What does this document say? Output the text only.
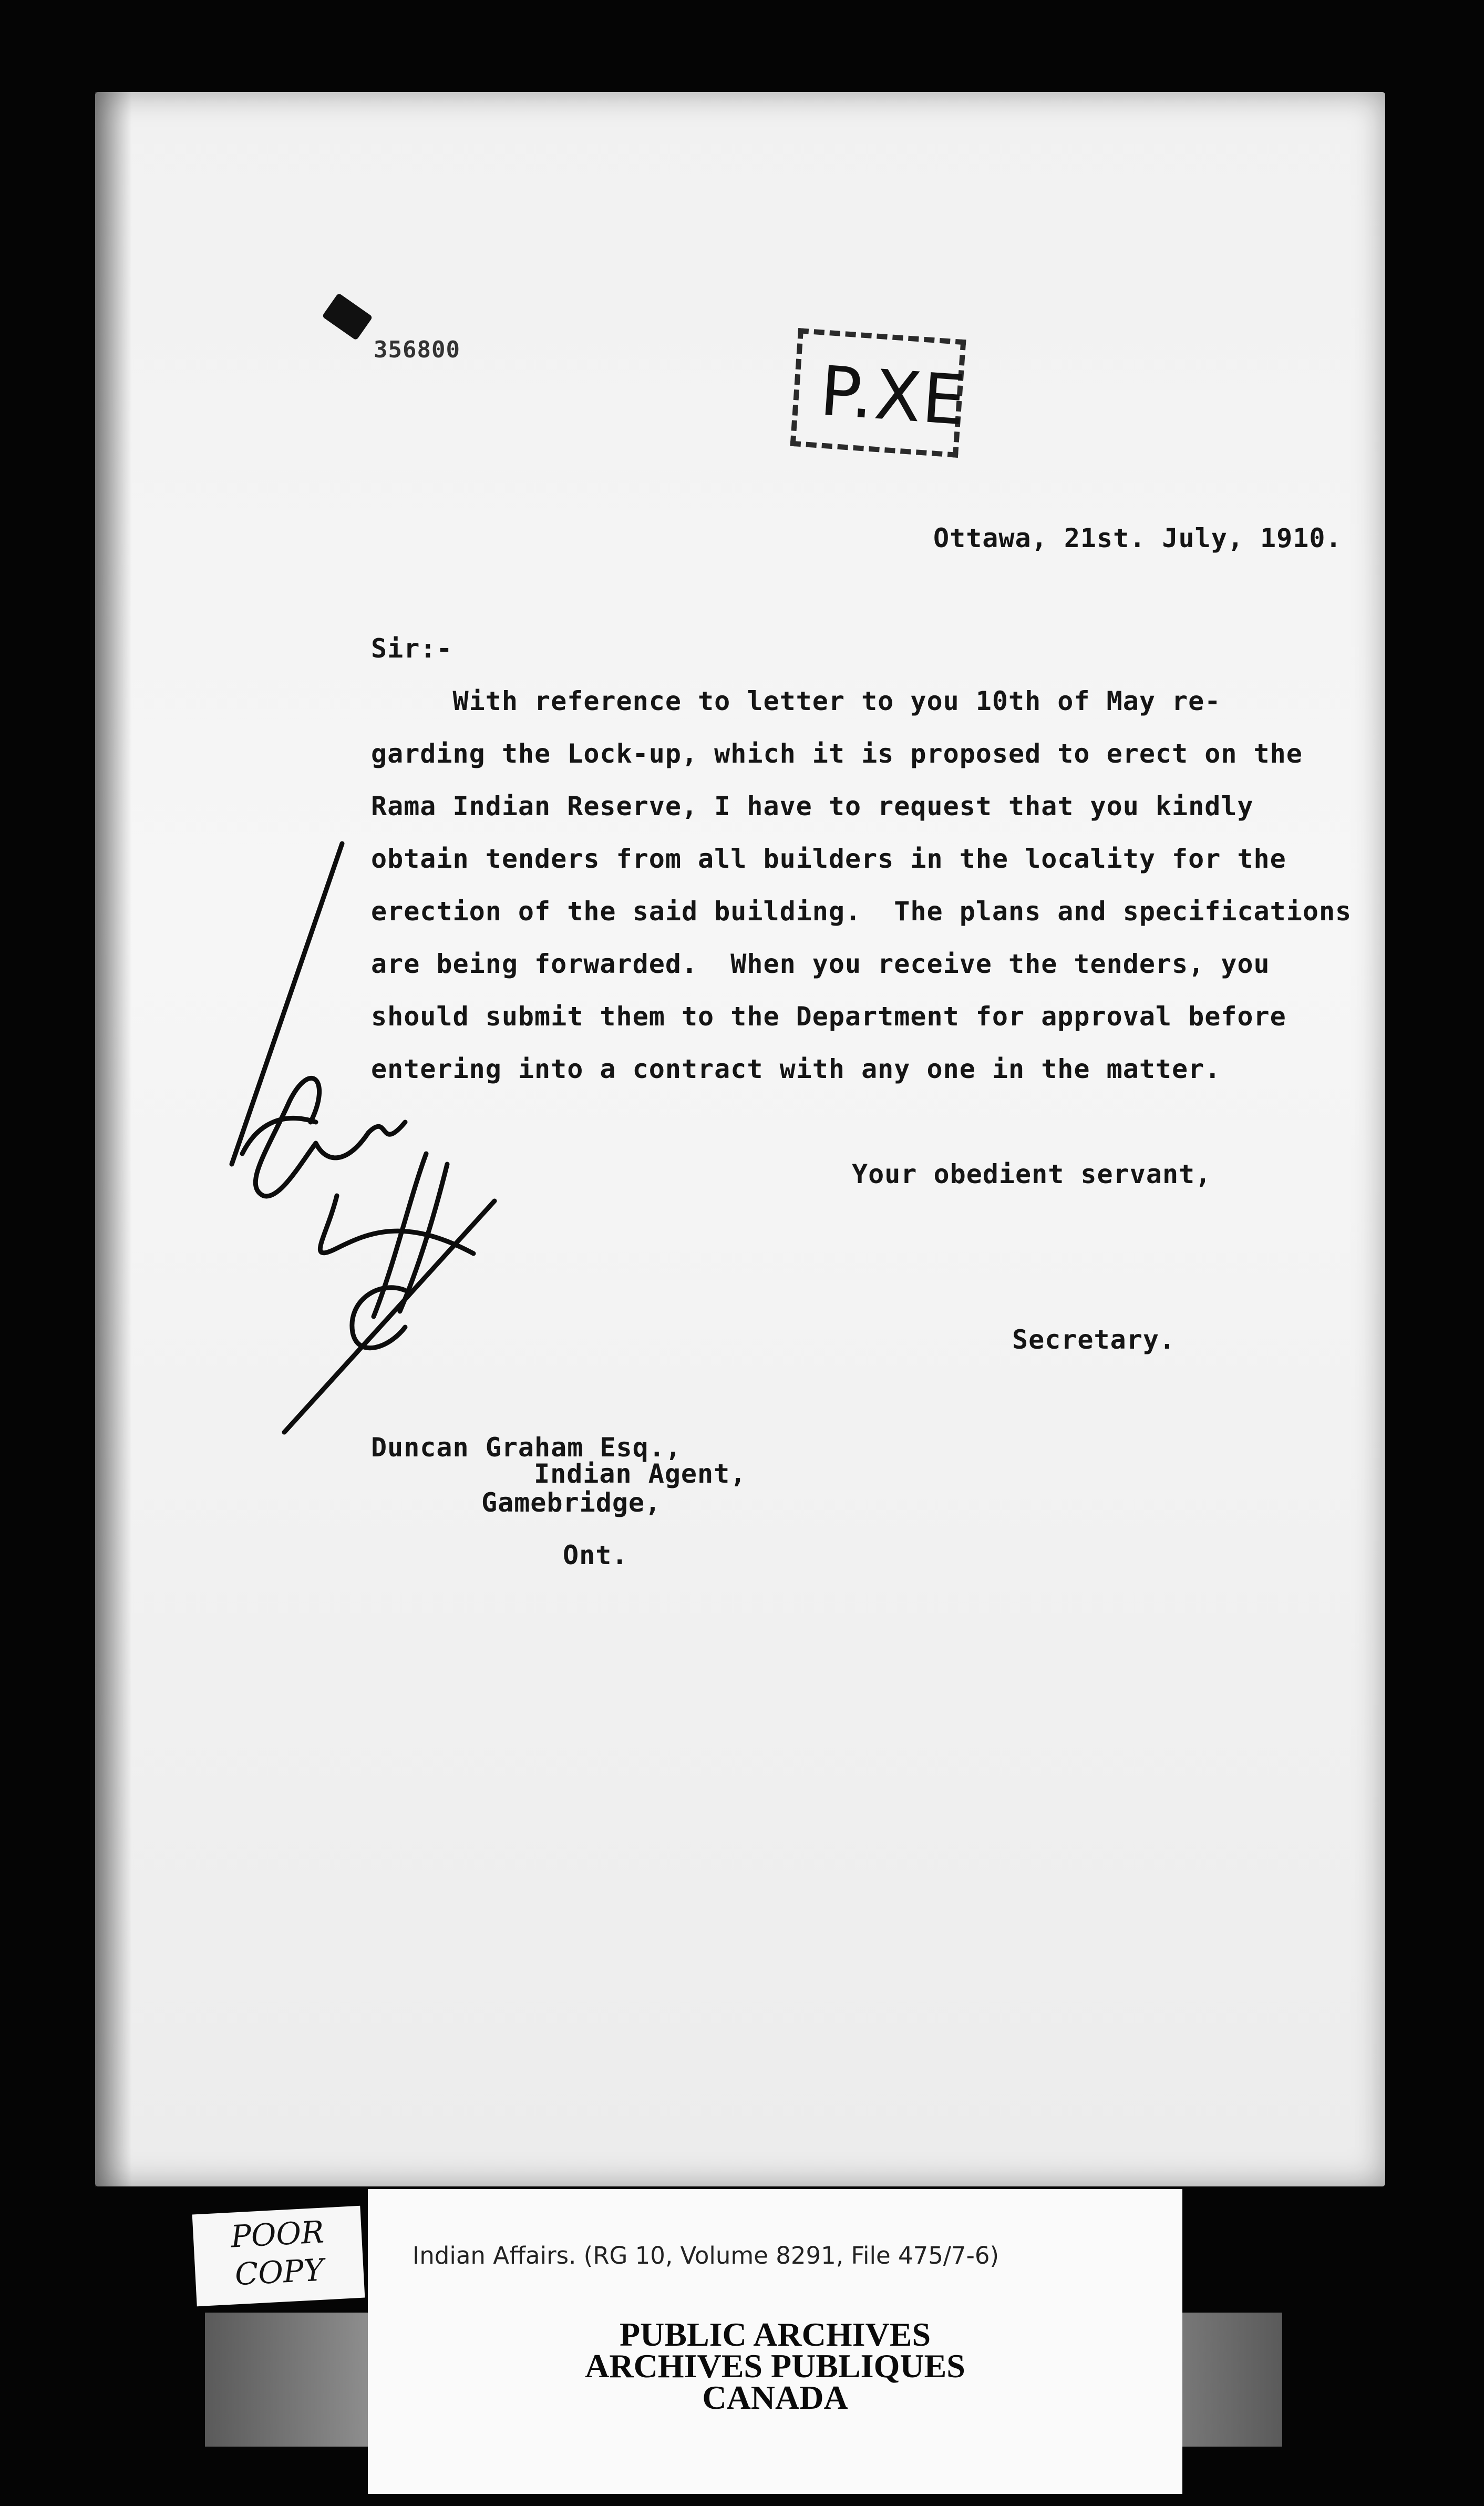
356800

P.XE

Ottawa, 21st. July, 1910.

Sir:-

With reference to letter to you 10th of May re-

garding the Lock-up, which it is proposed to erect on the

Rama Indian Reserve, I have to request that you kindly

obtain tenders from all builders in the locality for the

erection of the said building.  The plans and specifications

are being forwarded.  When you receive the tenders, you

should submit them to the Department for approval before

entering into a contract with any one in the matter.

Your obedient servant,

Secretary.

Duncan Graham Esq.,

Indian Agent,

Gamebridge,

Ont.

POOR
COPY	Indian Affairs. (RG 10, Volume 8291, File 475/7-6)
PUBLIC ARCHIVES
ARCHIVES PUBLIQUES
CANADA
